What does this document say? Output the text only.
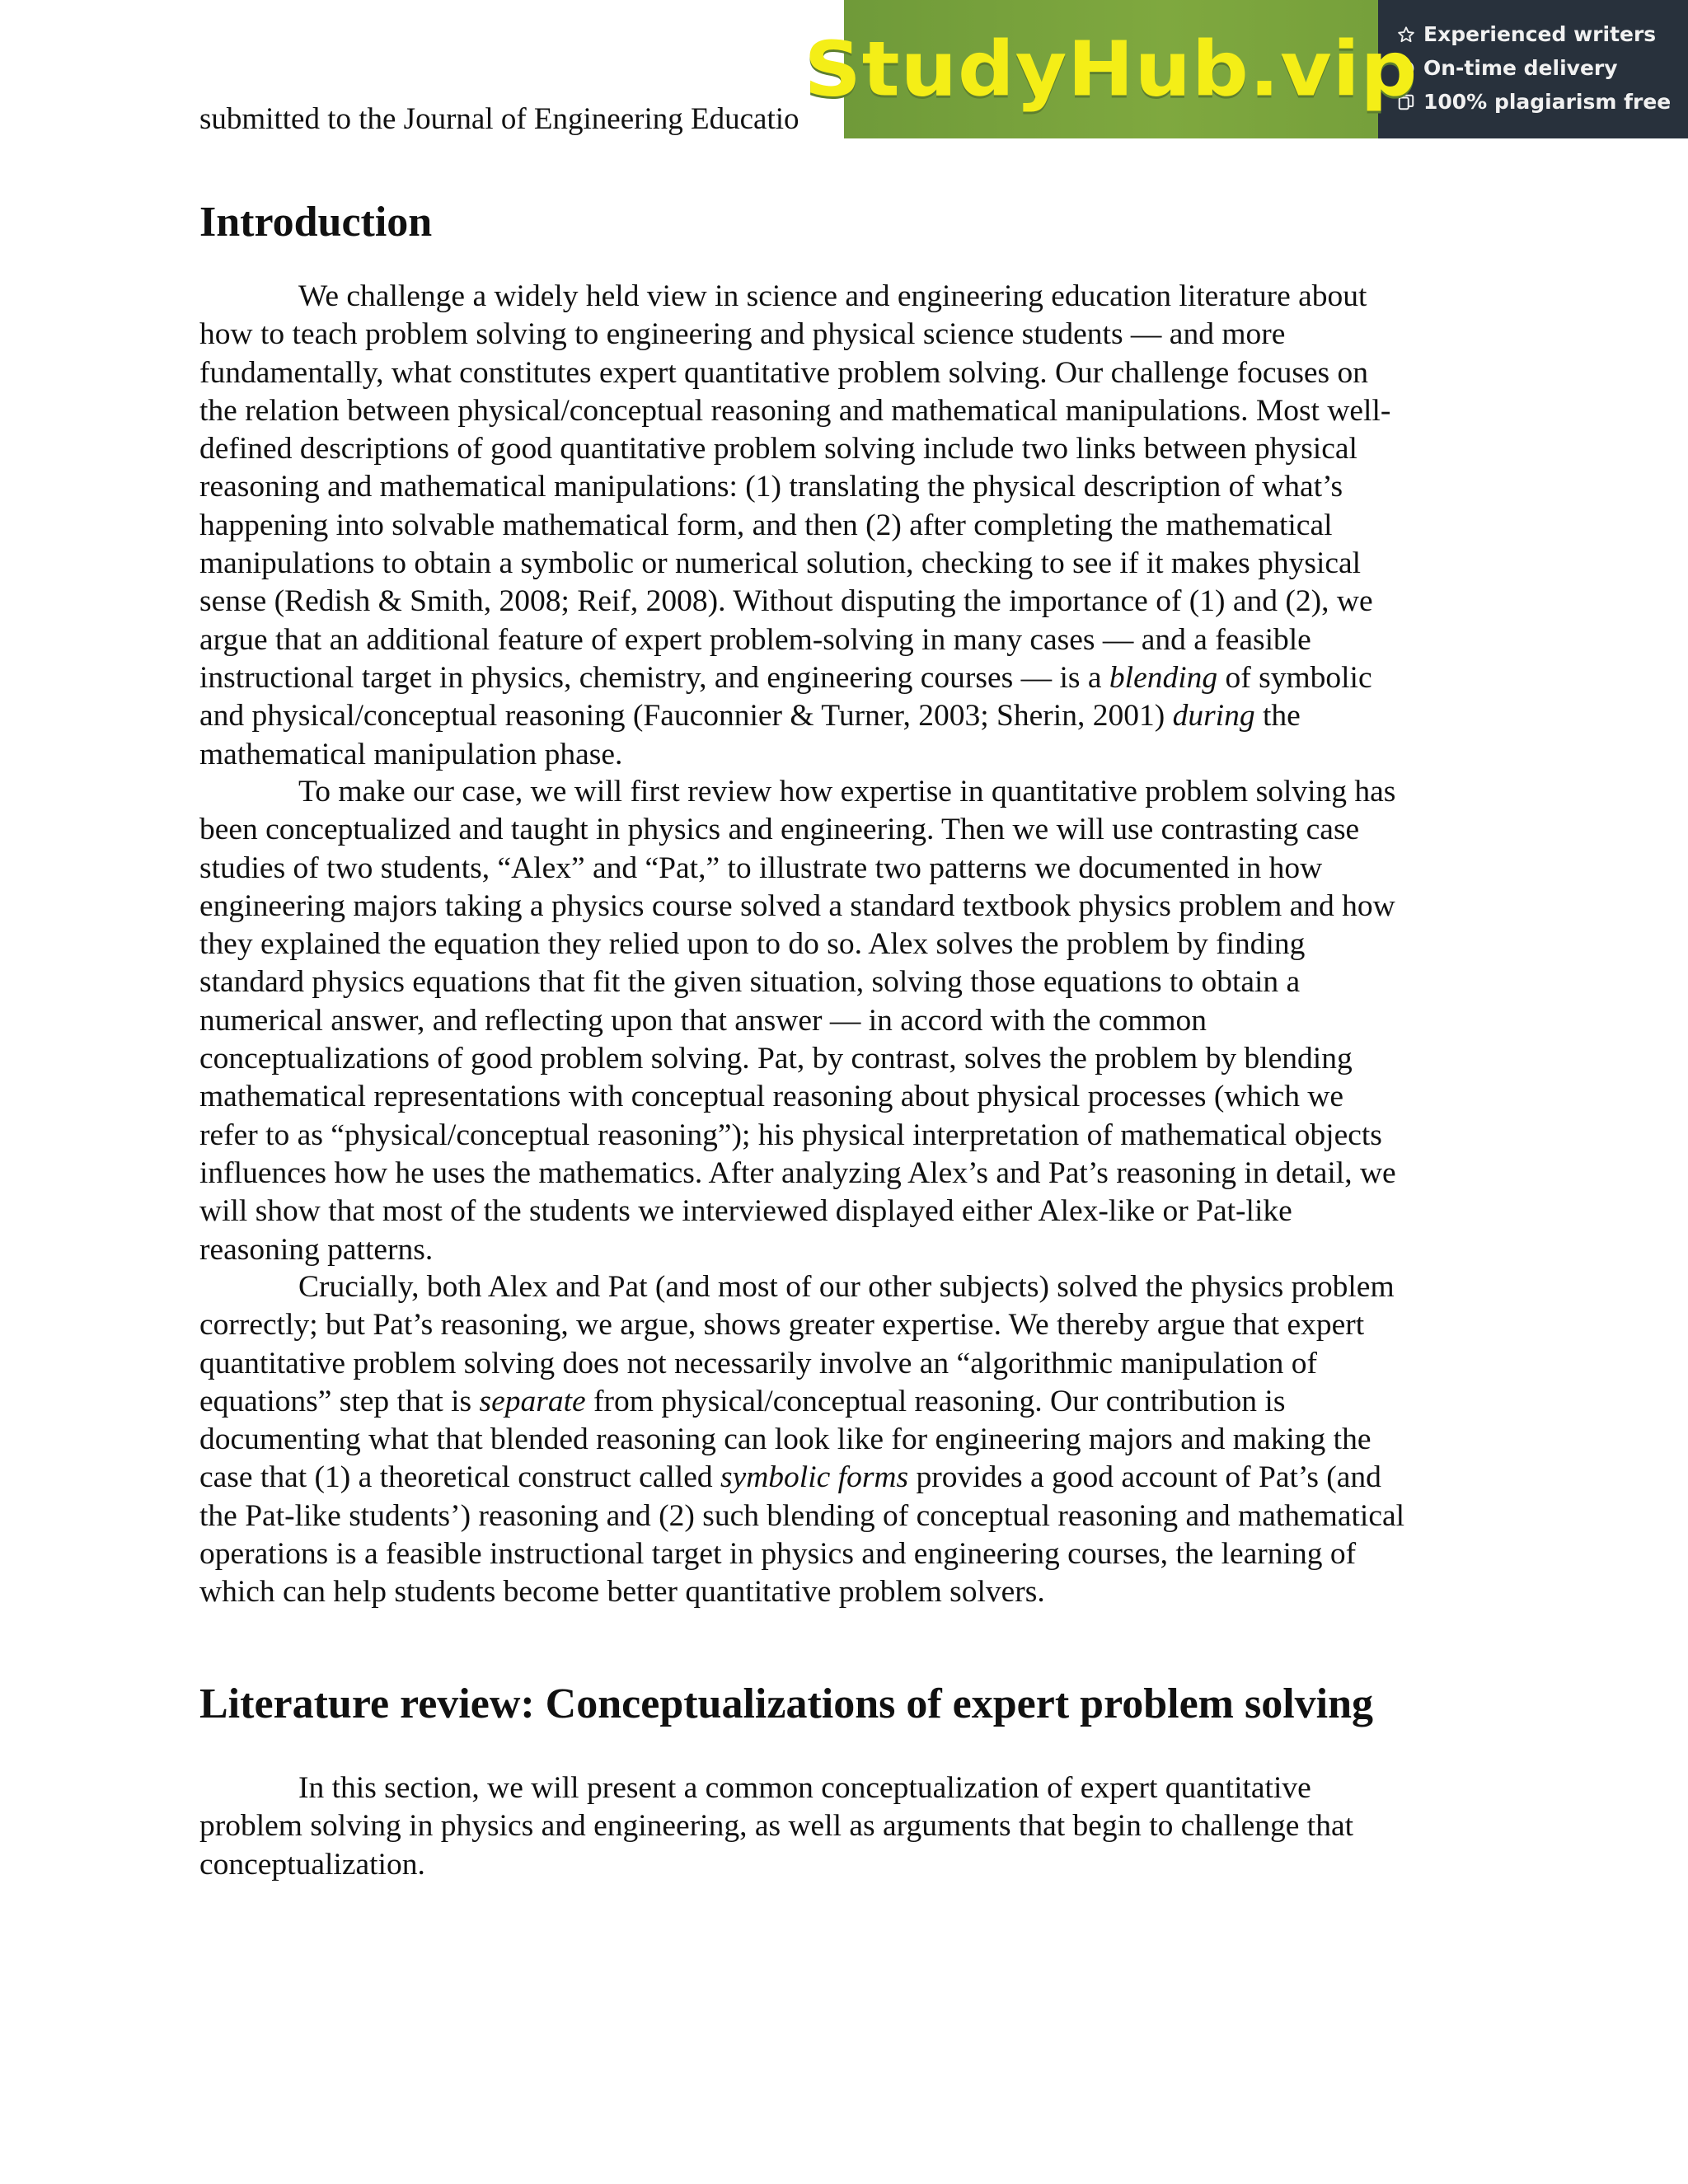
submitted to the Journal of Engineering Educatio
StudyHub.vip Experienced writers
On-time delivery
100% plagiarism free
Introduction

We challenge a widely held view in science and engineering education literature about
how to teach problem solving to engineering and physical science students — and more
fundamentally, what constitutes expert quantitative problem solving. Our challenge focuses on
the relation between physical/conceptual reasoning and mathematical manipulations. Most well-
defined descriptions of good quantitative problem solving include two links between physical
reasoning and mathematical manipulations: (1) translating the physical description of what’s
happening into solvable mathematical form, and then (2) after completing the mathematical
manipulations to obtain a symbolic or numerical solution, checking to see if it makes physical
sense (Redish & Smith, 2008; Reif, 2008). Without disputing the importance of (1) and (2), we
argue that an additional feature of expert problem-solving in many cases — and a feasible
instructional target in physics, chemistry, and engineering courses — is a blending of symbolic
and physical/conceptual reasoning (Fauconnier & Turner, 2003; Sherin, 2001) during the
mathematical manipulation phase.

To make our case, we will first review how expertise in quantitative problem solving has
been conceptualized and taught in physics and engineering. Then we will use contrasting case
studies of two students, “Alex” and “Pat,” to illustrate two patterns we documented in how
engineering majors taking a physics course solved a standard textbook physics problem and how
they explained the equation they relied upon to do so. Alex solves the problem by finding
standard physics equations that fit the given situation, solving those equations to obtain a
numerical answer, and reflecting upon that answer — in accord with the common
conceptualizations of good problem solving. Pat, by contrast, solves the problem by blending
mathematical representations with conceptual reasoning about physical processes (which we
refer to as “physical/conceptual reasoning”); his physical interpretation of mathematical objects
influences how he uses the mathematics. After analyzing Alex’s and Pat’s reasoning in detail, we
will show that most of the students we interviewed displayed either Alex-like or Pat-like
reasoning patterns.

Crucially, both Alex and Pat (and most of our other subjects) solved the physics problem
correctly; but Pat’s reasoning, we argue, shows greater expertise. We thereby argue that expert
quantitative problem solving does not necessarily involve an “algorithmic manipulation of
equations” step that is separate from physical/conceptual reasoning. Our contribution is
documenting what that blended reasoning can look like for engineering majors and making the
case that (1) a theoretical construct called symbolic forms provides a good account of Pat’s (and
the Pat-like students’) reasoning and (2) such blending of conceptual reasoning and mathematical
operations is a feasible instructional target in physics and engineering courses, the learning of
which can help students become better quantitative problem solvers.

Literature review: Conceptualizations of expert problem solving

In this section, we will present a common conceptualization of expert quantitative
problem solving in physics and engineering, as well as arguments that begin to challenge that
conceptualization.
